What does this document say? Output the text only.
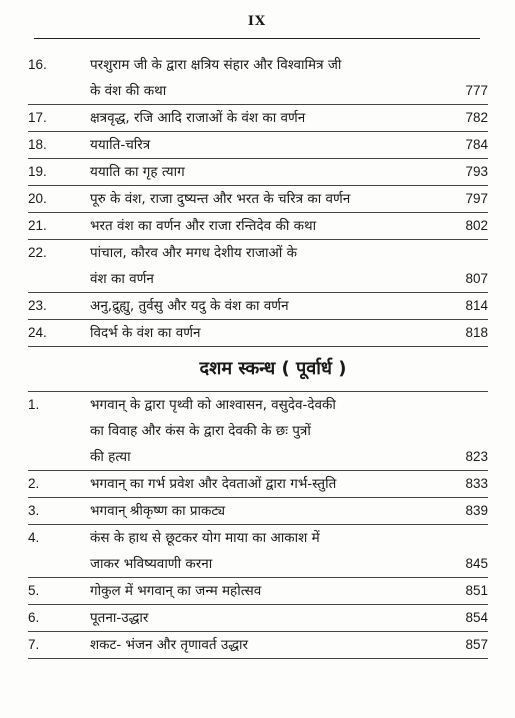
IX
16.	परशुराम जी के द्वारा क्षत्रिय संहार और विश्वामित्र जी
के वंश की कथा	777
17.	क्षत्रवृद्ध, रजि आदि राजाओं के वंश का वर्णन	782
18.	ययाति-चरित्र	784
19.	ययाति का गृह त्याग	793
20.	पूरु के वंश, राजा दुष्यन्त और भरत के चरित्र का वर्णन	797
21.	भरत वंश का वर्णन और राजा रन्तिदेव की कथा	802
22.	पांचाल, कौरव और मगध देशीय राजाओं के
वंश का वर्णन	807
23.	अनु,द्रुह्यु, तुर्वसु और यदु के वंश का वर्णन	814
24.	विदर्भ के वंश का वर्णन	818
दशम स्कन्ध ( पूर्वार्ध )
1.	भगवान् के द्वारा पृथ्वी को आश्वासन, वसुदेव-देवकी
का विवाह और कंस के द्वारा देवकी के छः पुत्रों
की हत्या	823
2.	भगवान् का गर्भ प्रवेश और देवताओं द्वारा गर्भ-स्तुति	833
3.	भगवान् श्रीकृष्ण का प्राकट्य	839
4.	कंस के हाथ से छूटकर योग माया का आकाश में
जाकर भविष्यवाणी करना	845
5.	गोकुल में भगवान् का जन्म महोत्सव	851
6.	पूतना-उद्धार	854
7.	शकट- भंजन और तृणावर्त उद्धार	857
